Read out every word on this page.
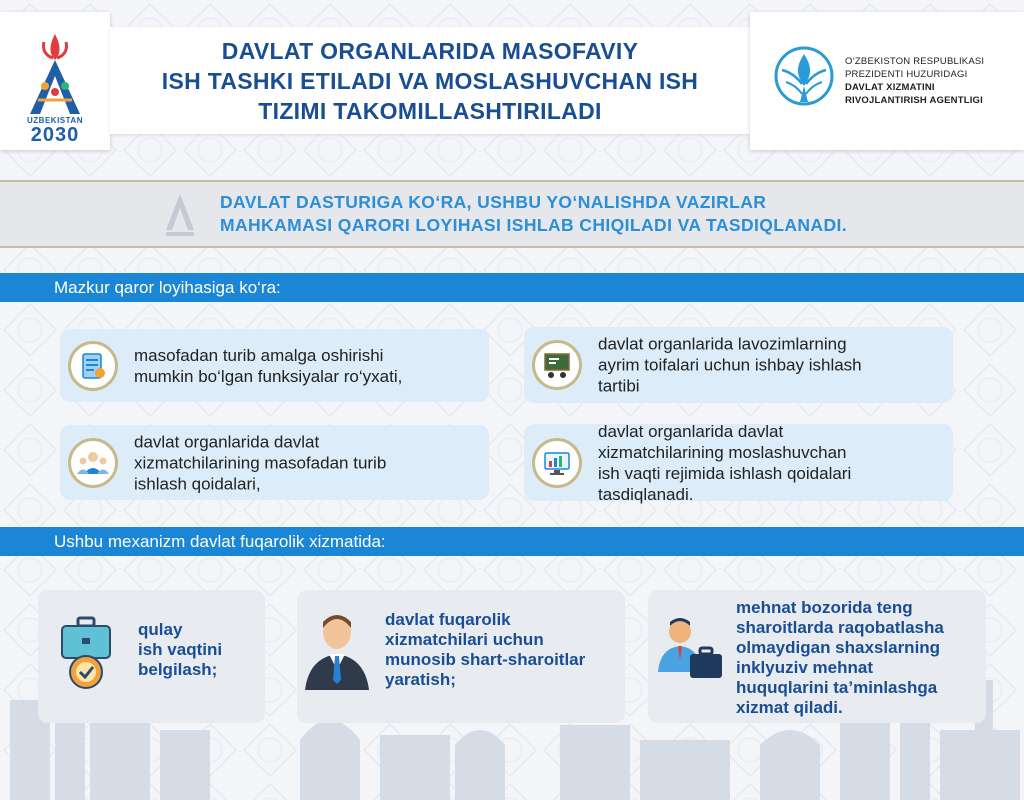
UZBEKISTAN
2030
DAVLAT ORGANLARIDA MASOFAVIY
ISH TASHKI ETILADI VA MOSLASHUVCHAN ISH
TIZIMI TAKOMILLASHTIRILADI
O‘ZBEKISTON RESPUBLIKASI
PREZIDENTI HUZURIDAGI
DAVLAT XIZMATINI
RIVOJLANTIRISH AGENTLIGI
DAVLAT DASTURIGA KO‘RA, USHBU YO‘NALISHDA VAZIRLAR
MAHKAMASI QARORI LOYIHASI ISHLAB CHIQILADI VA TASDIQLANADI.
Mazkur qaror loyihasiga ko‘ra:
masofadan turib amalga oshirishi
mumkin bo‘lgan funksiyalar ro‘yxati,
davlat organlarida lavozimlarning
ayrim toifalari uchun ishbay ishlash
tartibi
davlat organlarida davlat
xizmatchilarining masofadan turib
ishlash qoidalari,
davlat organlarida davlat
xizmatchilarining moslashuvchan
ish vaqti rejimida ishlash qoidalari
tasdiqlanadi.
Ushbu mexanizm davlat fuqarolik xizmatida:
qulay
ish vaqtini
belgilash;
davlat fuqarolik
xizmatchilari uchun
munosib shart-sharoitlar
yaratish;
mehnat bozorida teng
sharoitlarda raqobatlasha
olmaydigan shaxslarning
inklyuziv mehnat
huquqlarini ta’minlashga
xizmat qiladi.
